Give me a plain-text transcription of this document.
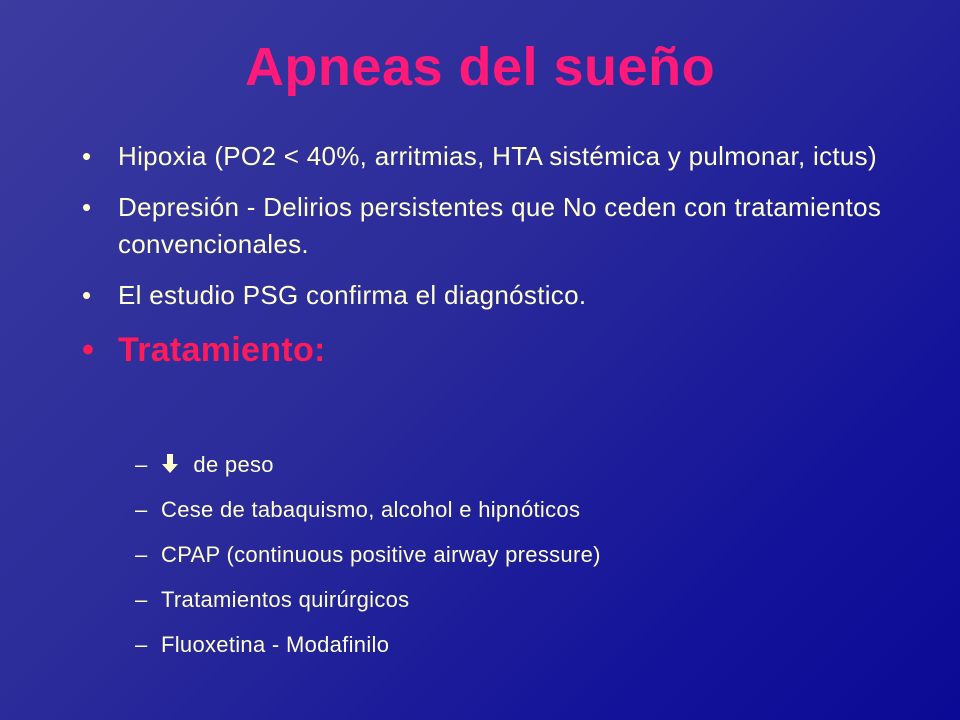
Apneas del sueño
• Hipoxia (PO2 < 40%, arritmias, HTA sistémica y pulmonar, ictus)
• Depresión - Delirios persistentes que No ceden con tratamientos convencionales.
• El estudio PSG confirma el diagnóstico.
• Tratamiento:
– de peso
– Cese de tabaquismo, alcohol e hipnóticos
– CPAP (continuous positive airway pressure)
– Tratamientos quirúrgicos
– Fluoxetina - Modafinilo
